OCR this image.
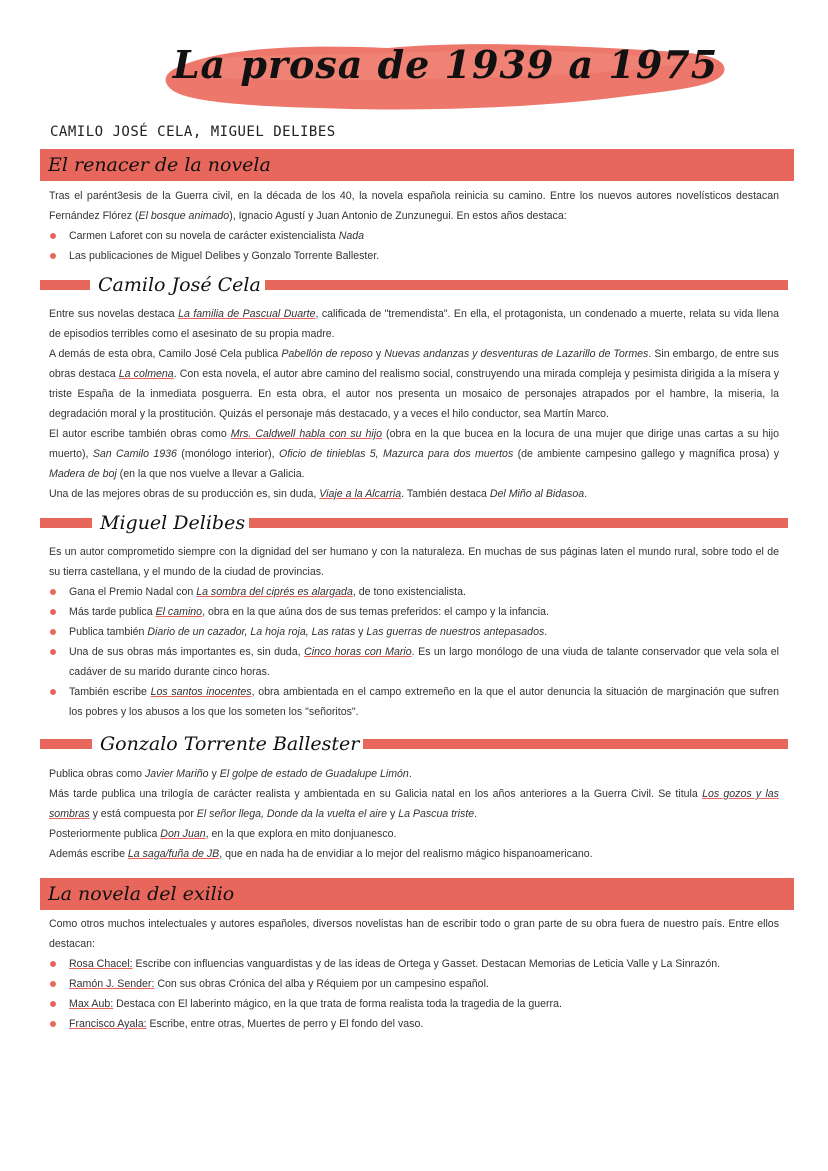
La prosa de 1939 a 1975
CAMILO JOSÉ CELA, MIGUEL DELIBES
El renacer de la novela

Tras el parént3esis de la Guerra civil, en la década de los 40, la novela española reinicia su camino. Entre los nuevos autores novelísticos destacan Fernández Flórez (El bosque animado), Ignacio Agustí y Juan Antonio de Zunzunegui. En estos años destaca:

Carmen Laforet con su novela de carácter existencialista Nada
Las publicaciones de Miguel Delibes y Gonzalo Torrente Ballester.
Camilo José Cela

Entre sus novelas destaca La familia de Pascual Duarte, calificada de "tremendista". En ella, el protagonista, un condenado a muerte, relata su vida llena de episodios terribles como el asesinato de su propia madre.

A demás de esta obra, Camilo José Cela publica Pabellón de reposo y Nuevas andanzas y desventuras de Lazarillo de Tormes. Sin embargo, de entre sus obras destaca La colmena. Con esta novela, el autor abre camino del realismo social, construyendo una mirada compleja y pesimista dirigida a la mísera y triste España de la inmediata posguerra. En esta obra, el autor nos presenta un mosaico de personajes atrapados por el hambre, la miseria, la degradación moral y la prostitución. Quizás el personaje más destacado, y a veces el hilo conductor, sea Martín Marco.

El autor escribe también obras como Mrs. Caldwell habla con su hijo (obra en la que bucea en la locura de una mujer que dirige unas cartas a su hijo muerto), San Camilo 1936 (monólogo interior), Oficio de tinieblas 5, Mazurca para dos muertos (de ambiente campesino gallego y magnífica prosa) y Madera de boj (en la que nos vuelve a llevar a Galicia.

Una de las mejores obras de su producción es, sin duda, Viaje a la Alcarria. También destaca Del Miño al Bidasoa.

Miguel Delibes

Es un autor comprometido siempre con la dignidad del ser humano y con la naturaleza. En muchas de sus páginas laten el mundo rural, sobre todo el de su tierra castellana, y el mundo de la ciudad de provincias.

Gana el Premio Nadal con La sombra del ciprés es alargada, de tono existencialista.
Más tarde publica El camino, obra en la que aúna dos de sus temas preferidos: el campo y la infancia.
Publica también Diario de un cazador, La hoja roja, Las ratas y Las guerras de nuestros antepasados.
Una de sus obras más importantes es, sin duda, Cinco horas con Mario. Es un largo monólogo de una viuda de talante conservador que vela sola el cadáver de su marido durante cinco horas.
También escribe Los santos inocentes, obra ambientada en el campo extremeño en la que el autor denuncia la situación de marginación que sufren los pobres y los abusos a los que los someten los "señoritos".
Gonzalo Torrente Ballester

Publica obras como Javier Mariño y El golpe de estado de Guadalupe Limón.

Más tarde publica una trilogía de carácter realista y ambientada en su Galicia natal en los años anteriores a la Guerra Civil. Se titula Los gozos y las sombras y está compuesta por El señor llega, Donde da la vuelta el aire y La Pascua triste.

Posteriormente publica Don Juan, en la que explora en mito donjuanesco.

Además escribe La saga/fuña de JB, que en nada ha de envidiar a lo mejor del realismo mágico hispanoamericano.

La novela del exilio

Como otros muchos intelectuales y autores españoles, diversos novelistas han de escribir todo o gran parte de su obra fuera de nuestro país. Entre ellos destacan:

Rosa Chacel: Escribe con influencias vanguardistas y de las ideas de Ortega y Gasset. Destacan Memorias de Leticia Valle y La Sinrazón.
Ramón J. Sender: Con sus obras Crónica del alba y Réquiem por un campesino español.
Max Aub: Destaca con El laberinto mágico, en la que trata de forma realista toda la tragedia de la guerra.
Francisco Ayala: Escribe, entre otras, Muertes de perro y El fondo del vaso.
